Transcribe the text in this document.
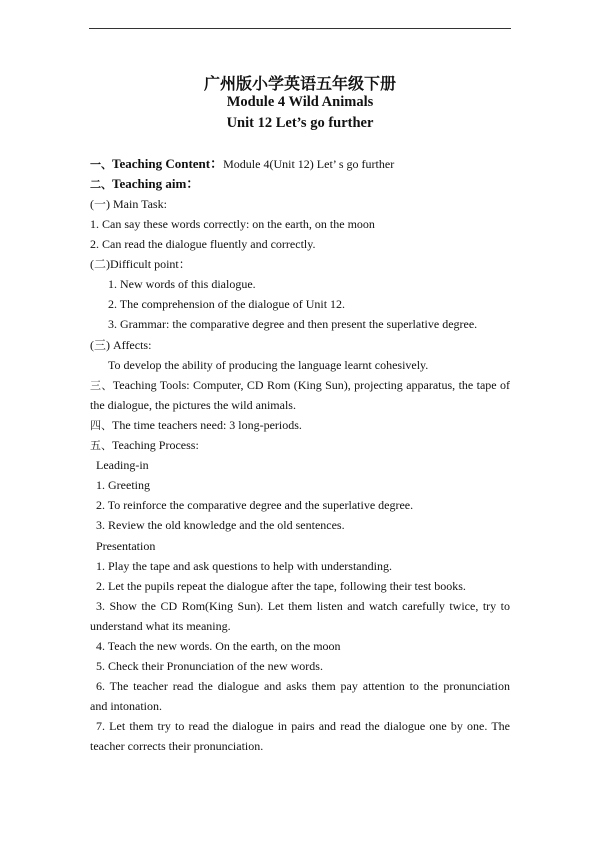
广州版小学英语五年级下册
Module 4 Wild Animals
Unit 12 Let’s go further
一、Teaching Content：Module 4(Unit 12) Let’ s go further
二、Teaching aim：
(一) Main Task:
1. Can say these words correctly: on the earth, on the moon
2. Can read the dialogue fluently and correctly.
(二)Difficult point：
1. New words of this dialogue.
2. The comprehension of the dialogue of Unit 12.
3. Grammar: the comparative degree and then present the superlative degree.
(三) Affects:
To develop the ability of producing the language learnt cohesively.
三、Teaching Tools: Computer, CD Rom (King Sun), projecting apparatus, the tape of
the dialogue, the pictures the wild animals.
四、The time teachers need: 3 long-periods.
五、Teaching Process:
Leading-in
1. Greeting
2. To reinforce the comparative degree and the superlative degree.
3. Review the old knowledge and the old sentences.
Presentation
1. Play the tape and ask questions to help with understanding.
2. Let the pupils repeat the dialogue after the tape, following their test books.
3. Show the CD Rom(King Sun). Let them listen and watch carefully twice, try to
understand what its meaning.
4. Teach the new words. On the earth, on the moon
5. Check their Pronunciation of the new words.
6. The teacher read the dialogue and asks them pay attention to the pronunciation
and intonation.
7. Let them try to read the dialogue in pairs and read the dialogue one by one. The
teacher corrects their pronunciation.
